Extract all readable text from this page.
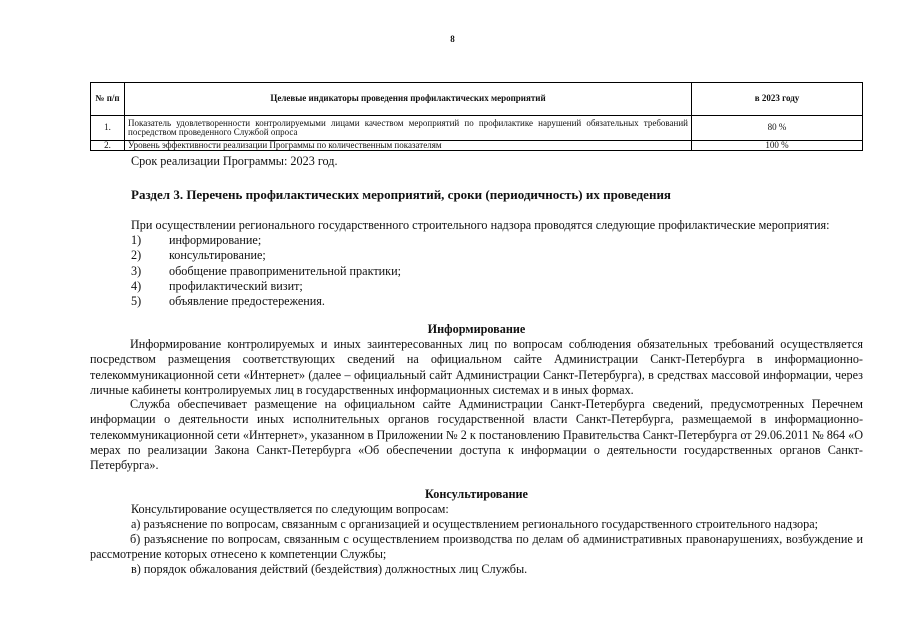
8
№ п/п	Целевые индикаторы проведения профилактических мероприятий	в 2023 году
1.	Показатель удовлетворенности контролируемыми лицами качеством мероприятий по профилактике нарушений обязательных требований посредством проведенного Службой опроса	80 %
2.	Уровень эффективности реализации Программы по количественным показателям	100 %
Срок реализации Программы: 2023 год.
Раздел 3. Перечень профилактических мероприятий, сроки (периодичность) их проведения
При осуществлении регионального государственного строительного надзора проводятся следующие профилактические мероприятия:
1)	информирование;
2)	консультирование;
3)	обобщение правоприменительной практики;
4)	профилактический визит;
5)	объявление предостережения.
Информирование
Информирование контролируемых и иных заинтересованных лиц по вопросам соблюдения обязательных требований осуществляется посредством размещения соответствующих сведений на официальном сайте Администрации Санкт-Петербурга в информационно-телекоммуникационной сети «Интернет» (далее – официальный сайт Администрации Санкт-Петербурга), в средствах массовой информации, через личные кабинеты контролируемых лиц в государственных информационных системах и в иных формах.
Служба обеспечивает размещение на официальном сайте Администрации Санкт-Петербурга сведений, предусмотренных Перечнем информации о деятельности иных исполнительных органов государственной власти Санкт-Петербурга, размещаемой в информационно-телекоммуникационной сети «Интернет», указанном в Приложении № 2 к постановлению Правительства Санкт-Петербурга от 29.06.2011 № 864 «О мерах по реализации Закона Санкт-Петербурга «Об обеспечении доступа к информации о деятельности государственных органов Санкт-Петербурга».
Консультирование
Консультирование осуществляется по следующим вопросам:
а) разъяснение по вопросам, связанным с организацией и осуществлением регионального государственного строительного надзора;
б) разъяснение по вопросам, связанным с осуществлением производства по делам об административных правонарушениях, возбуждение и рассмотрение которых отнесено к компетенции Службы;
в) порядок обжалования действий (бездействия) должностных лиц Службы.
